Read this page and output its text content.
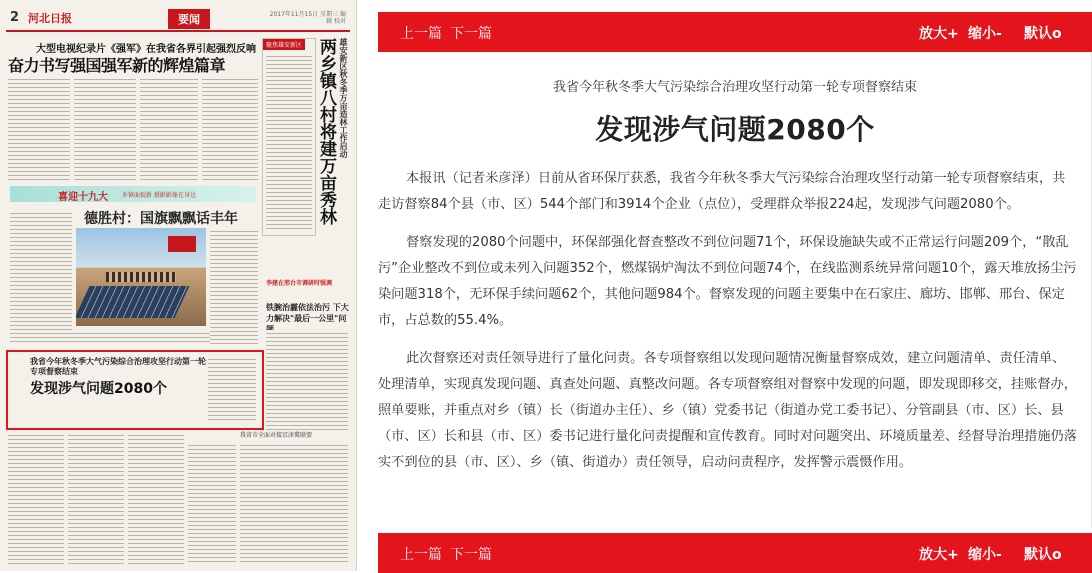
2 河北日报	要闻	2017年11月15日 星期三 编辑 校对
大型电视纪录片《强军》在我省各界引起强烈反响
奋力书写强国强军新的辉煌篇章
聚焦雄安新区 两乡镇八村将建万亩秀林 雄安新区秋冬季万亩造林工作启动
喜迎十九大 乡镇面貌新 摄影影像在身边
德胜村：国旗飘飘话丰年
李建在邢台市调研时强调
铁腕治霾依法治污 下大力解决"最后一公里"问
我省今年秋冬季大气污染综合治理攻坚行动第一轮专项督察结束
发现涉气问题2080个
我省市全面对接京津冀联盟
上一篇 下一篇	放大+ 缩小- 默认o
我省今年秋冬季大气污染综合治理攻坚行动第一轮专项督察结束
发现涉气问题2080个

本报讯（记者米彦泽）日前从省环保厅获悉，我省今年秋冬季大气污染综合治理攻坚行动第一轮专项督察结束，共走访督察84个县（市、区）544个部门和3914个企业（点位），受理群众举报224起，发现涉气问题2080个。

督察发现的2080个问题中，环保部强化督查整改不到位问题71个，环保设施缺失或不正常运行问题209个，“散乱污”企业整改不到位或未列入问题352个，燃煤锅炉淘汰不到位问题74个，在线监测系统异常问题10个，露天堆放扬尘污染问题318个，无环保手续问题62个，其他问题984个。督察发现的问题主要集中在石家庄、廊坊、邯郸、邢台、保定市，占总数的55.4%。

此次督察还对责任领导进行了量化问责。各专项督察组以发现问题情况衡量督察成效，建立问题清单、责任清单、处理清单，实现真发现问题、真查处问题、真整改问题。各专项督察组对督察中发现的问题，即发现即移交，挂账督办，照单要账，并重点对乡（镇）长（街道办主任）、乡（镇）党委书记（街道办党工委书记）、分管副县（市、区）长、县（市、区）长和县（市、区）委书记进行量化问责提醒和宣传教育。同时对问题突出、环境质量差、经督导治理措施仍落实不到位的县（市、区）、乡（镇、街道办）责任领导，启动问责程序，发挥警示震慑作用。

上一篇 下一篇	放大+ 缩小- 默认o
